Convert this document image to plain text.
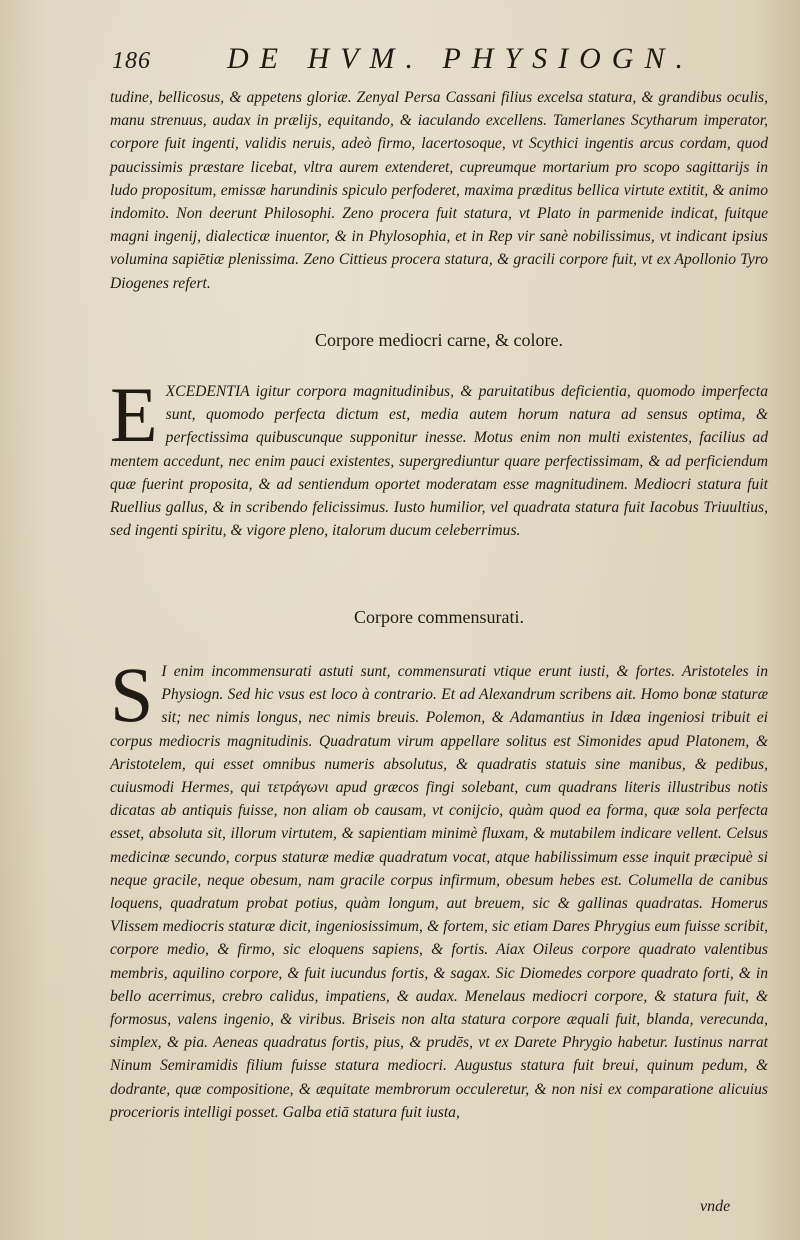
186	DE HVM. PHYSIOGN.

tudine, bellicosus, & appetens gloriæ. Zenyal Persa Cassani filius excelsa statura, & grandibus oculis, manu strenuus, audax in prælijs, equitando, & iaculando excellens. Tamerlanes Scytharum imperator, corpore fuit ingenti, validis neruis, adeò firmo, lacertosoque, vt Scythici ingentis arcus cordam, quod paucissimis præstare licebat, vltra aurem extenderet, cupreumque mortarium pro scopo sagittarijs in ludo propositum, emissæ harundinis spiculo perfoderet, maxima præditus bellica virtute extitit, & animo indomito. Non deerunt Philosophi. Zeno procera fuit statura, vt Plato in parmenide indicat, fuitque magni ingenij, dialecticæ inuentor, & in Phylosophia, et in Rep vir sanè nobilissimus, vt indicant ipsius volumina sapiētiæ plenissima. Zeno Cittieus procera statura, & gracili corpore fuit, vt ex Apollonio Tyro Diogenes refert.

Corpore mediocri carne, & colore.
E XCEDENTIA igitur corpora magnitudinibus, & paruitatibus deficientia, quomodo imperfecta sunt, quomodo perfecta dictum est, media autem horum natura ad sensus optima, & perfectissima quibuscunque supponitur inesse. Motus enim non multi existentes, facilius ad mentem accedunt, nec enim pauci existentes, supergrediuntur quare perfectissimam, & ad perficiendum quæ fuerint proposita, & ad sentiendum oportet moderatam esse magnitudinem. Mediocri statura fuit Ruellius gallus, & in scribendo felicissimus. Iusto humilior, vel quadrata statura fuit Iacobus Triuultius, sed ingenti spiritu, & vigore pleno, italorum ducum celeberrimus.

Corpore commensurati.
S I enim incommensurati astuti sunt, commensurati vtique erunt iusti, & fortes. Aristoteles in Physiogn. Sed hic vsus est loco à contrario. Et ad Alexandrum scribens ait. Homo bonæ staturæ sit; nec nimis longus, nec nimis breuis. Polemon, & Adamantius in Idæa ingeniosi tribuit ei corpus mediocris magnitudinis. Quadratum virum appellare solitus est Simonides apud Platonem, & Aristotelem, qui esset omnibus numeris absolutus, & quadratis statuis sine manibus, & pedibus, cuiusmodi Hermes, qui τετράγωνι apud græcos fingi solebant, cum quadrans literis illustribus notis dicatas ab antiquis fuisse, non aliam ob causam, vt conijcio, quàm quod ea forma, quæ sola perfecta esset, absoluta sit, illorum virtutem, & sapientiam minimè fluxam, & mutabilem indicare vellent. Celsus medicinæ secundo, corpus staturæ mediæ quadratum vocat, atque habilissimum esse inquit præcipuè si neque gracile, neque obesum, nam gracile corpus infirmum, obesum hebes est. Columella de canibus loquens, quadratum probat potius, quàm longum, aut breuem, sic & gallinas quadratas. Homerus Vlissem mediocris staturæ dicit, ingeniosissimum, & fortem, sic etiam Dares Phrygius eum fuisse scribit, corpore medio, & firmo, sic eloquens sapiens, & fortis. Aiax Oileus corpore quadrato valentibus membris, aquilino corpore, & fuit iucundus fortis, & sagax. Sic Diomedes corpore quadrato forti, & in bello acerrimus, crebro calidus, impatiens, & audax. Menelaus mediocri corpore, & statura fuit, & formosus, valens ingenio, & viribus. Briseis non alta statura corpore æquali fuit, blanda, verecunda, simplex, & pia. Aeneas quadratus fortis, pius, & prudēs, vt ex Darete Phrygio habetur. Iustinus narrat Ninum Semiramidis filium fuisse statura mediocri. Augustus statura fuit breui, quinum pedum, & dodrante, quæ compositione, & æquitate membrorum occuleretur, & non nisi ex comparatione alicuius procerioris intelligi posset. Galba etiā statura fuit iusta,

vnde
